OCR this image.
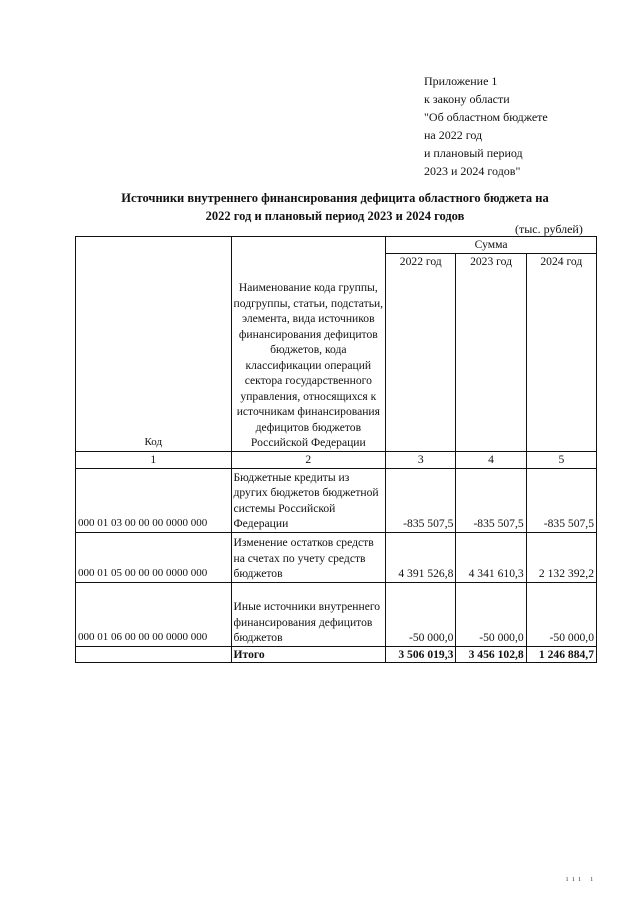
Приложение 1
к закону области
"Об областном бюджете
на 2022 год
и плановый период
2023 и 2024 годов"
Источники внутреннего финансирования дефицита областного бюджета на
2022 год и плановый период 2023 и 2024 годов
(тыс. рублей)
Код	Наименование кода группы, подгруппы, статьи, подстатьи, элемента, вида источников финансирования дефицитов бюджетов, кода классификации операций сектора государственного управления, относящихся к источникам финансирования дефицитов бюджетов Российской Федерации	Сумма		
		2022 год	2023 год	2024 год
1	2	3	4	5
000 01 03 00 00 00 0000 000	Бюджетные кредиты из других бюджетов бюджетной системы Российской Федерации	-835 507,5	-835 507,5	-835 507,5
000 01 05 00 00 00 0000 000	Изменение остатков средств на счетах по учету средств бюджетов	4 391 526,8	4 341 610,3	2 132 392,2
000 01 06 00 00 00 0000 000	Иные источники внутреннего финансирования дефицитов бюджетов	-50 000,0	-50 000,0	-50 000,0
	Итого	3 506 019,3	3 456 102,8	1 246 884,7
ııı ı
